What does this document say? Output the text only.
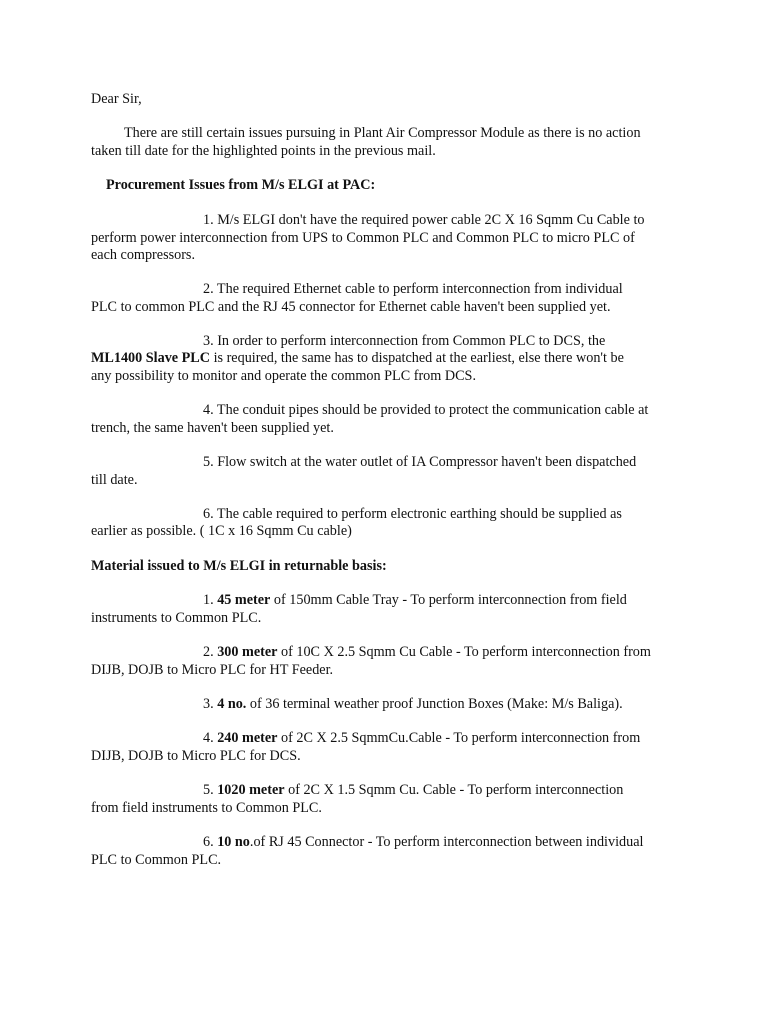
Dear Sir,
There are still certain issues pursuing in Plant Air Compressor Module as there is no action
taken till date for the highlighted points in the previous mail.
Procurement Issues from M/s ELGI at PAC:
1. M/s ELGI don't have the required power cable 2C X 16 Sqmm Cu Cable to
perform power interconnection from UPS to Common PLC and Common PLC to micro PLC of
each compressors.
2. The required Ethernet cable to perform interconnection from individual
PLC to common PLC and the RJ 45 connector for Ethernet cable haven't been supplied yet.
3. In order to perform interconnection from Common PLC to DCS, the
ML1400 Slave PLC is required, the same has to dispatched at the earliest, else there won't be
any possibility to monitor and operate the common PLC from DCS.
4. The conduit pipes should be provided to protect the communication cable at
trench, the same haven't been supplied yet.
5. Flow switch at the water outlet of IA Compressor haven't been dispatched
till date.
6. The cable required to perform electronic earthing should be supplied as
earlier as possible. ( 1C x 16 Sqmm Cu cable)
Material issued to M/s ELGI in returnable basis:
1. 45 meter of 150mm Cable Tray - To perform interconnection from field
instruments to Common PLC.
2. 300 meter of 10C X 2.5 Sqmm Cu Cable - To perform interconnection from
DIJB, DOJB to Micro PLC for HT Feeder.
3. 4 no. of 36 terminal weather proof Junction Boxes (Make: M/s Baliga).
4. 240 meter of 2C X 2.5 SqmmCu.Cable - To perform interconnection from
DIJB, DOJB to Micro PLC for DCS.
5. 1020 meter of 2C X 1.5 Sqmm Cu. Cable - To perform interconnection
from field instruments to Common PLC.
6. 10 no.of RJ 45 Connector - To perform interconnection between individual
PLC to Common PLC.
